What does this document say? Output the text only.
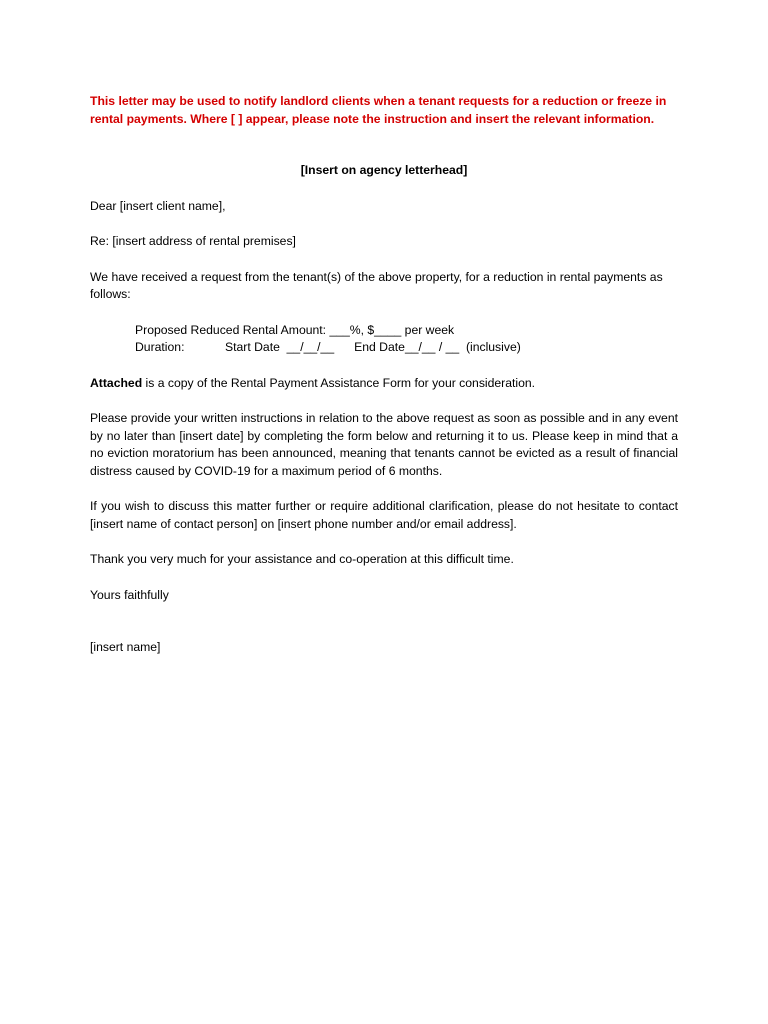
This letter may be used to notify landlord clients when a tenant requests for a reduction or freeze in rental payments. Where [ ] appear, please note the instruction and insert the relevant information.

[Insert on agency letterhead]

Dear [insert client name],

Re: [insert address of rental premises]

We have received a request from the tenant(s) of the above property, for a reduction in rental payments as follows:

Proposed Reduced Rental Amount: ___%, $____ per week
Duration:	Start Date __/__/__ End Date__/__ / __ (inclusive)

Attached is a copy of the Rental Payment Assistance Form for your consideration.

Please provide your written instructions in relation to the above request as soon as possible and in any event by no later than [insert date] by completing the form below and returning it to us. Please keep in mind that a no eviction moratorium has been announced, meaning that tenants cannot be evicted as a result of financial distress caused by COVID-19 for a maximum period of 6 months.

If you wish to discuss this matter further or require additional clarification, please do not hesitate to contact [insert name of contact person] on [insert phone number and/or email address].

Thank you very much for your assistance and co-operation at this difficult time.

Yours faithfully

[insert name]
